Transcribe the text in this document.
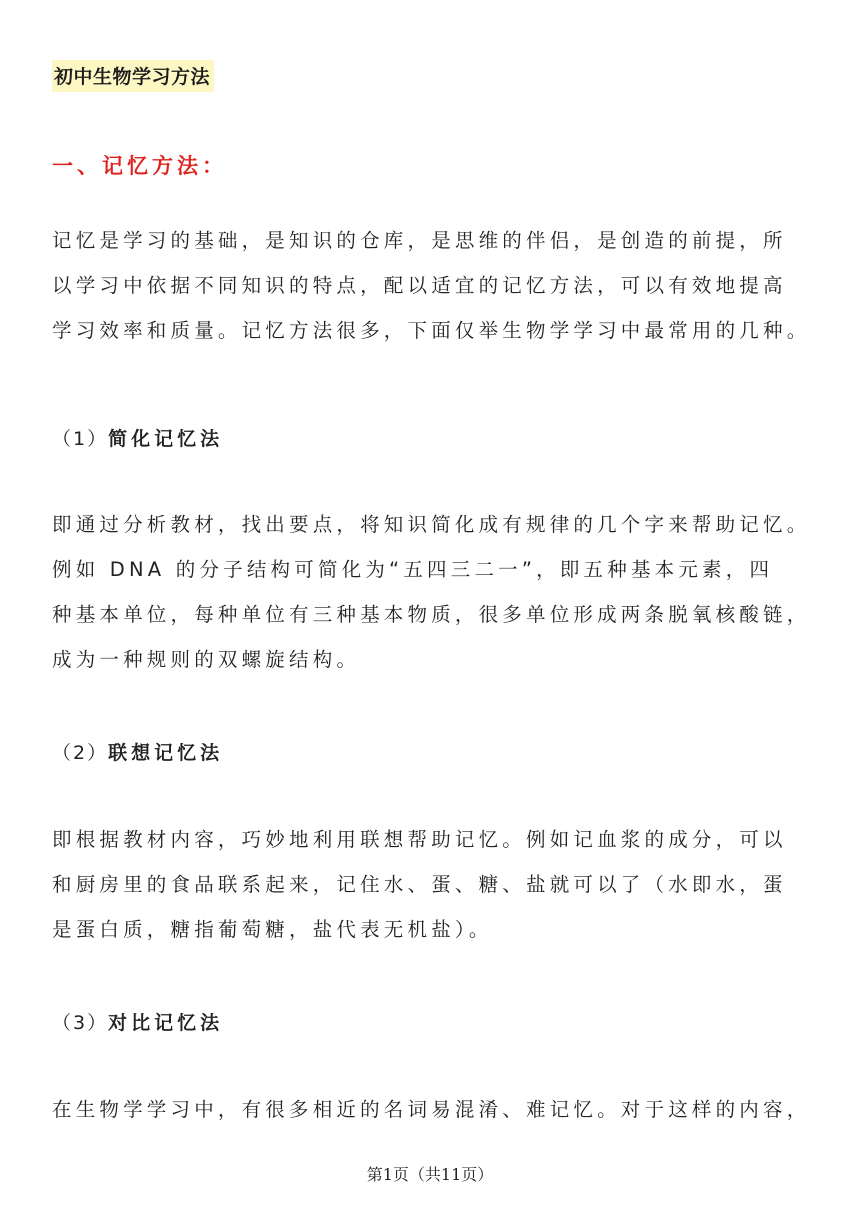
初中生物学习方法
一、记忆方法：
记忆是学习的基础，是知识的仓库，是思维的伴侣，是创造的前提，所
以学习中依据不同知识的特点，配以适宜的记忆方法，可以有效地提高
学习效率和质量。记忆方法很多，下面仅举生物学学习中最常用的几种。
（1）简化记忆法
即通过分析教材，找出要点，将知识简化成有规律的几个字来帮助记忆。
例如 DNA 的分子结构可简化为“五四三二一”，即五种基本元素，四
种基本单位，每种单位有三种基本物质，很多单位形成两条脱氧核酸链，
成为一种规则的双螺旋结构。
（2）联想记忆法
即根据教材内容，巧妙地利用联想帮助记忆。例如记血浆的成分，可以
和厨房里的食品联系起来，记住水、蛋、糖、盐就可以了（水即水，蛋
是蛋白质，糖指葡萄糖，盐代表无机盐）。
（3）对比记忆法
在生物学学习中，有很多相近的名词易混淆、难记忆。对于这样的内容，
第1页（共11页）
